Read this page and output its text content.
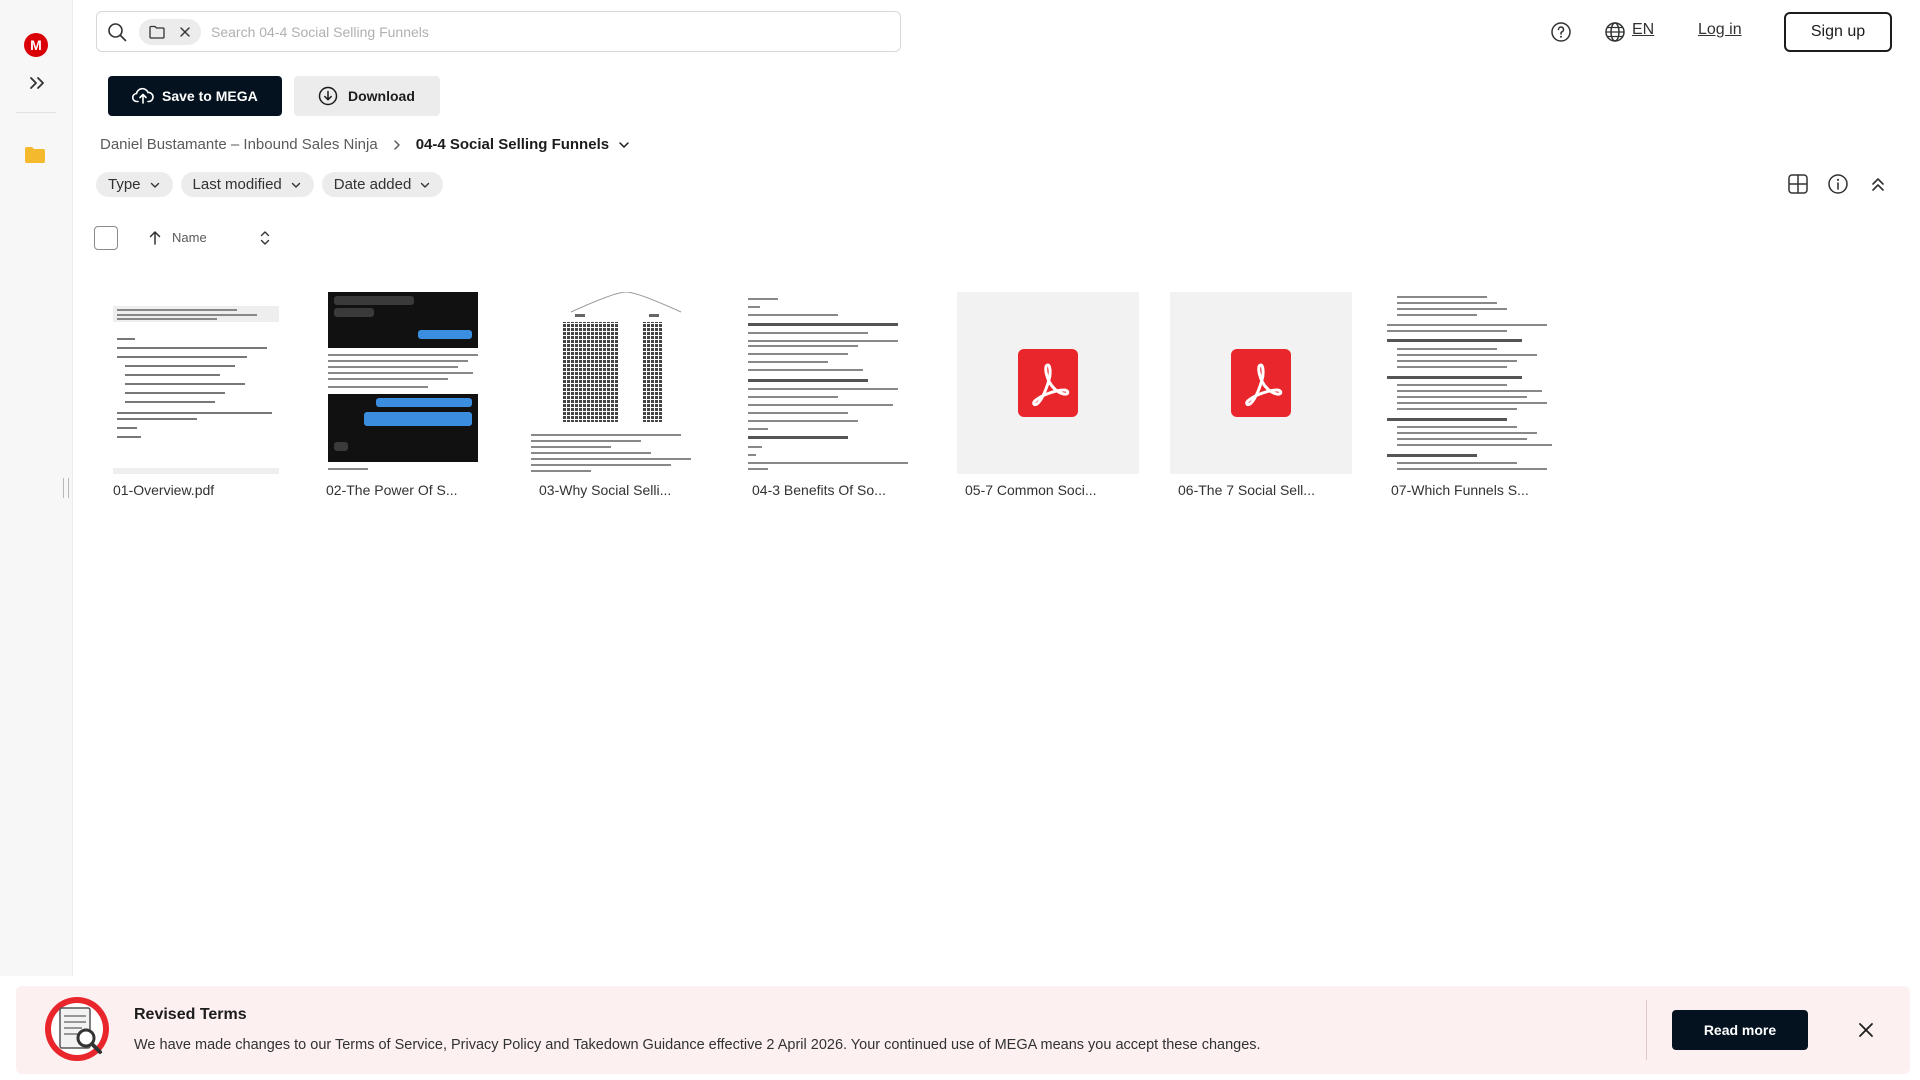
M
Search 04-4 Social Selling Funnels
EN	Log in	Sign up
Save to MEGA	Download
Daniel Bustamante – Inbound Sales Ninja	04-4 Social Selling Funnels
Type	Last modified	Date added
Name
01-Overview.pdf	02-The Power Of S...	03-Why Social Selli...	04-3 Benefits Of So...	05-7 Common Soci...	06-The 7 Social Sell...	07-Which Funnels S...
Revised Terms
We have made changes to our Terms of Service, Privacy Policy and Takedown Guidance effective 2 April 2026. Your continued use of MEGA means you accept these changes.
Read more
